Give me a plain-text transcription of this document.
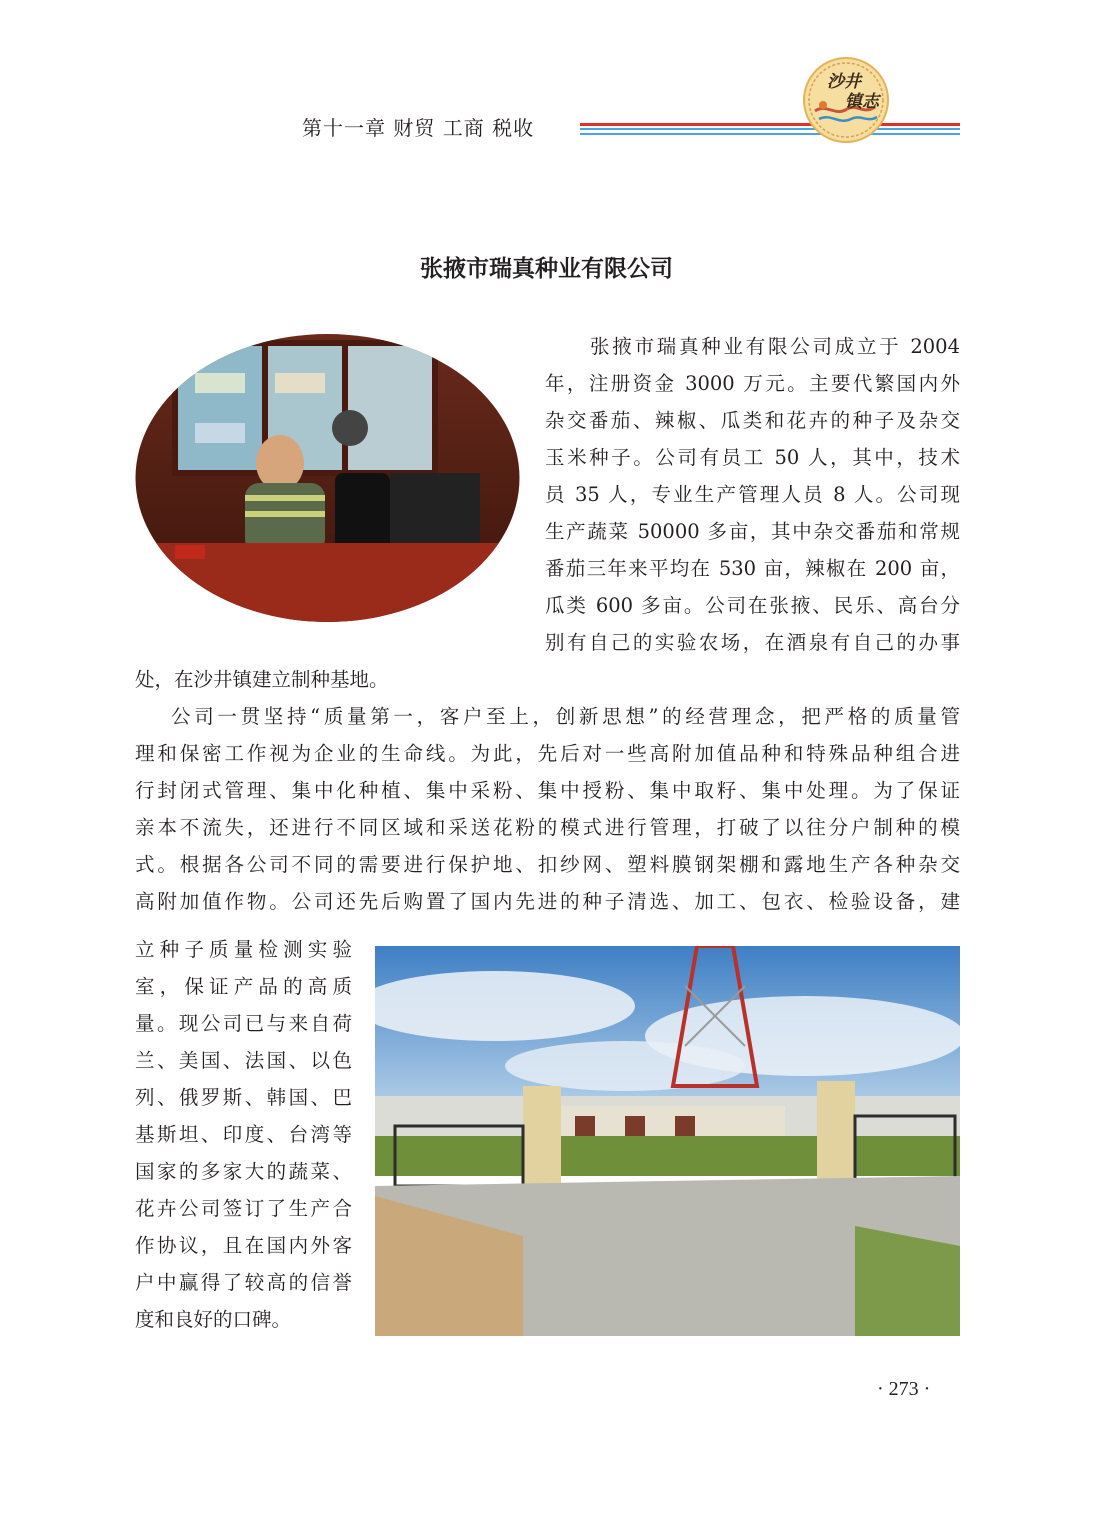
第十一章 财贸 工商 税收
沙井
镇志
张掖市瑞真种业有限公司

张掖市瑞真种业有限公司成立于 2004

年，注册资金 3000 万元。主要代繁国内外

杂交番茄、辣椒、瓜类和花卉的种子及杂交

玉米种子。公司有员工 50 人，其中，技术

员 35 人，专业生产管理人员 8 人。公司现

生产蔬菜 50000 多亩，其中杂交番茄和常规

番茄三年来平均在 530 亩，辣椒在 200 亩，

瓜类 600 多亩。公司在张掖、民乐、高台分

别有自己的实验农场，在酒泉有自己的办事

处，在沙井镇建立制种基地。

公司一贯坚持“质量第一，客户至上，创新思想”的经营理念，把严格的质量管

理和保密工作视为企业的生命线。为此，先后对一些高附加值品种和特殊品种组合进

行封闭式管理、集中化种植、集中采粉、集中授粉、集中取籽、集中处理。为了保证

亲本不流失，还进行不同区域和采送花粉的模式进行管理，打破了以往分户制种的模

式。根据各公司不同的需要进行保护地、扣纱网、塑料膜钢架棚和露地生产各种杂交

高附加值作物。公司还先后购置了国内先进的种子清选、加工、包衣、检验设备，建

立种子质量检测实验

室，保证产品的高质

量。现公司已与来自荷

兰、美国、法国、以色

列、俄罗斯、韩国、巴

基斯坦、印度、台湾等

国家的多家大的蔬菜、

花卉公司签订了生产合

作协议，且在国内外客

户中赢得了较高的信誉

度和良好的口碑。

· 273 ·
